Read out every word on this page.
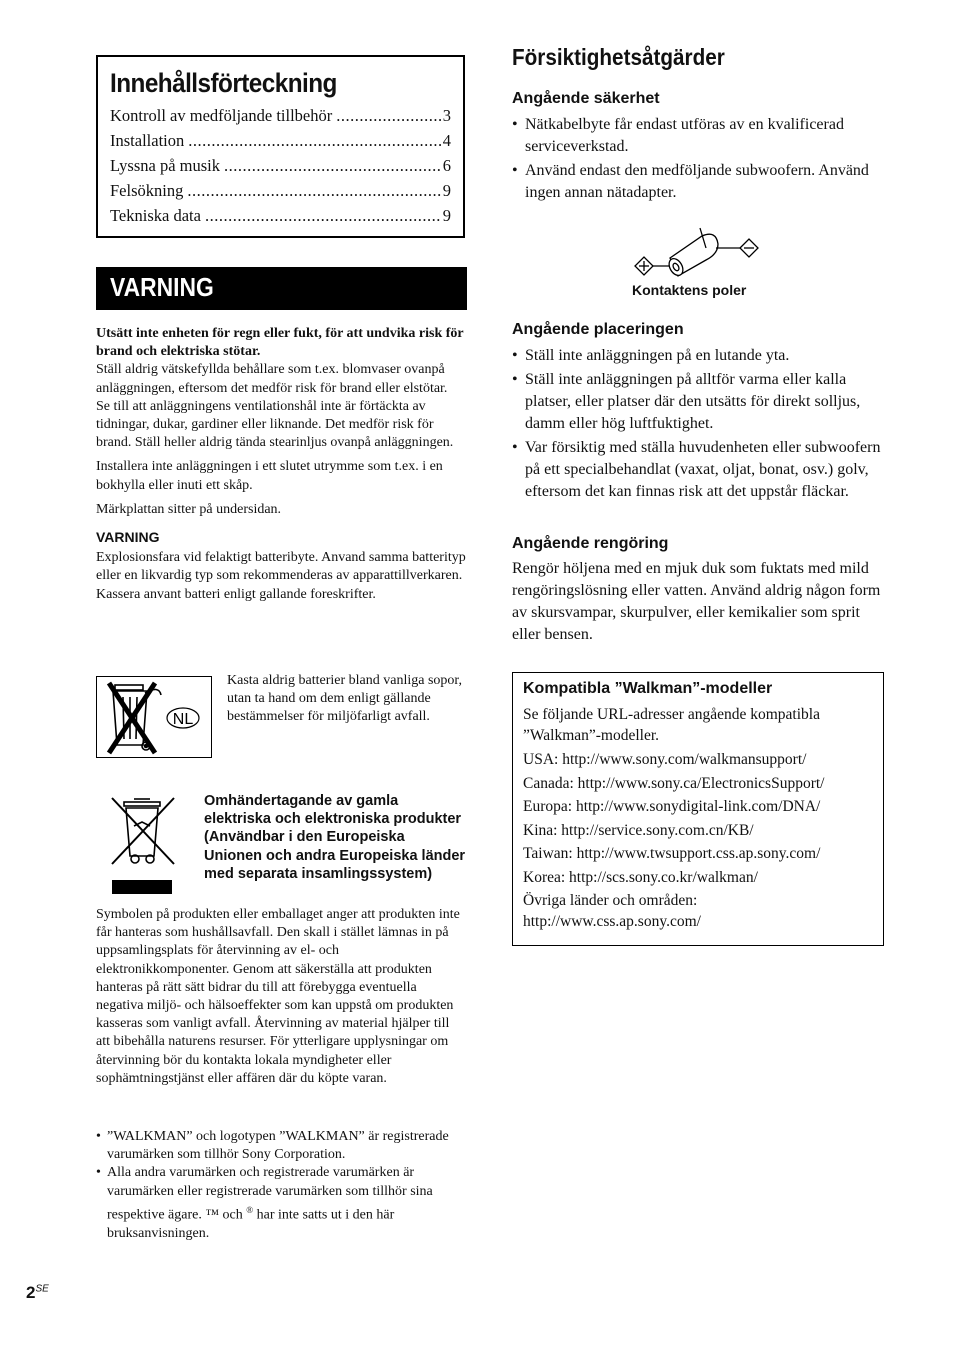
Innehållsförteckning
Kontroll av medföljande tillbehör .....	3
Installation .....	4
Lyssna på musik .....	6
Felsökning .....	9
Tekniska data .....	9
VARNING
Utsätt inte enheten för regn eller fukt, för att undvika risk för brand och elektriska stötar.
Ställ aldrig vätskefyllda behållare som t.ex. blomvaser ovanpå anläggningen, eftersom det medför risk för brand eller elstötar.
Se till att anläggningens ventilationshål inte är förtäckta av tidningar, dukar, gardiner eller liknande. Det medför risk för brand. Ställ heller aldrig tända stearinljus ovanpå anläggningen.
Installera inte anläggningen i ett slutet utrymme som t.ex. i en bokhylla eller inuti ett skåp.
Märkplattan sitter på undersidan.
VARNING
Explosionsfara vid felaktigt batteribyte. Anvand samma batterityp eller en likvardig typ som rekommenderas av apparattillverkaren. Kassera anvant batteri enligt gallande foreskrifter.
NL
Kasta aldrig batterier bland vanliga sopor, utan ta hand om dem enligt gällande bestämmelser för miljöfarligt avfall.
Omhändertagande av gamla elektriska och elektroniska produkter (Användbar i den Europeiska Unionen och andra Europeiska länder med separata insamlingssystem)
Symbolen på produkten eller emballaget anger att produkten inte får hanteras som hushållsavfall. Den skall i stället lämnas in på uppsamlingsplats för återvinning av el- och elektronikkomponenter. Genom att säkerställa att produkten hanteras på rätt sätt bidrar du till att förebygga eventuella negativa miljö- och hälsoeffekter som kan uppstå om produkten kasseras som vanligt avfall. Återvinning av material hjälper till att bibehålla naturens resurser. För ytterligare upplysningar om återvinning bör du kontakta lokala myndigheter eller sophämtningstjänst eller affären där du köpte varan.
• ”WALKMAN” och logotypen ”WALKMAN” är registrerade varumärken som tillhör Sony Corporation.
• Alla andra varumärken och registrerade varumärken är varumärken eller registrerade varumärken som tillhör sina respektive ägare. ™ och ® har inte satts ut i den här bruksanvisningen.
Försiktighetsåtgärder
Angående säkerhet
• Nätkabelbyte får endast utföras av en kvalificerad serviceverkstad.
• Använd endast den medföljande subwoofern. Använd ingen annan nätadapter.
Kontaktens poler
Angående placeringen
• Ställ inte anläggningen på en lutande yta.
• Ställ inte anläggningen på alltför varma eller kalla platser, eller platser där den utsätts för direkt solljus, damm eller hög luftfuktighet.
• Var försiktig med ställa huvudenheten eller subwoofern på ett specialbehandlat (vaxat, oljat, bonat, osv.) golv, eftersom det kan finnas risk att det uppstår fläckar.
Angående rengöring
Rengör höljena med en mjuk duk som fuktats med mild rengöringslösning eller vatten. Använd aldrig någon form av skursvampar, skurpulver, eller kemikalier som sprit eller bensen.
Kompatibla ”Walkman”-modeller
Se följande URL-adresser angående kompatibla ”Walkman”-modeller.
USA: http://www.sony.com/walkmansupport/
Canada: http://www.sony.ca/ElectronicsSupport/
Europa: http://www.sonydigital-link.com/DNA/
Kina: http://service.sony.com.cn/KB/
Taiwan: http://www.twsupport.css.ap.sony.com/
Korea: http://scs.sony.co.kr/walkman/
Övriga länder och områden:
http://www.css.ap.sony.com/
$2^{SE}$
